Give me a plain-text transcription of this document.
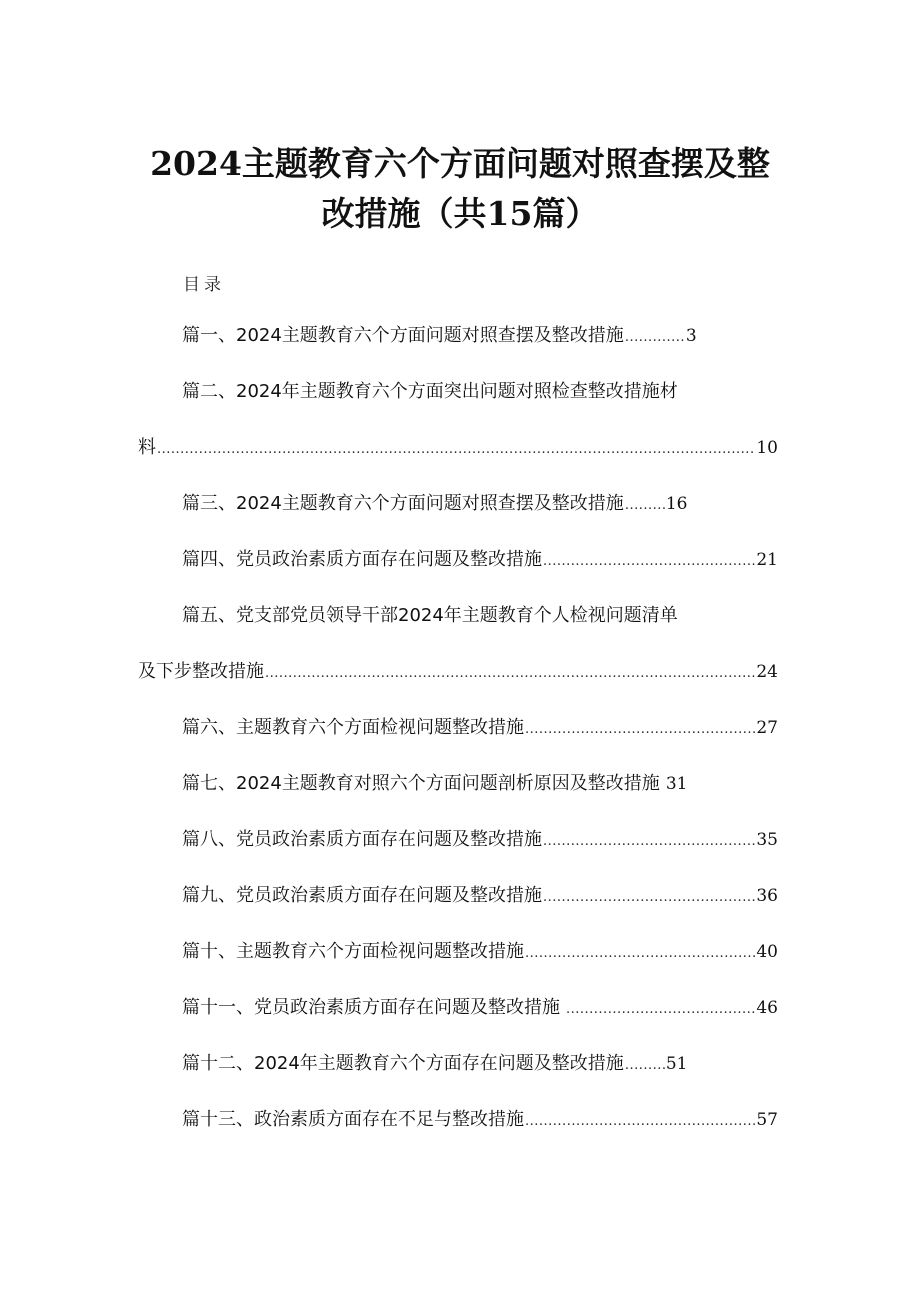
2024主题教育六个方面问题对照查摆及整
改措施（共15篇）
目录
篇一、2024主题教育六个方面问题对照查摆及整改措施 .....	3
篇二、2024年主题教育六个方面突出问题对照检查整改措施材
料 .....	10
篇三、2024主题教育六个方面问题对照查摆及整改措施 ..... 16
篇四、党员政治素质方面存在问题及整改措施 .....	21
篇五、党支部党员领导干部2024年主题教育个人检视问题清单
及下步整改措施 .....	24
篇六、主题教育六个方面检视问题整改措施 .....	27
篇七、2024主题教育对照六个方面问题剖析原因及整改措施 31
篇八、党员政治素质方面存在问题及整改措施 .....	35
篇九、党员政治素质方面存在问题及整改措施 .....	36
篇十、主题教育六个方面检视问题整改措施 .....	40
篇十一、党员政治素质方面存在问题及整改措施 .....	46
篇十二、2024年主题教育六个方面存在问题及整改措施 ..... 51
篇十三、政治素质方面存在不足与整改措施 .....	57
